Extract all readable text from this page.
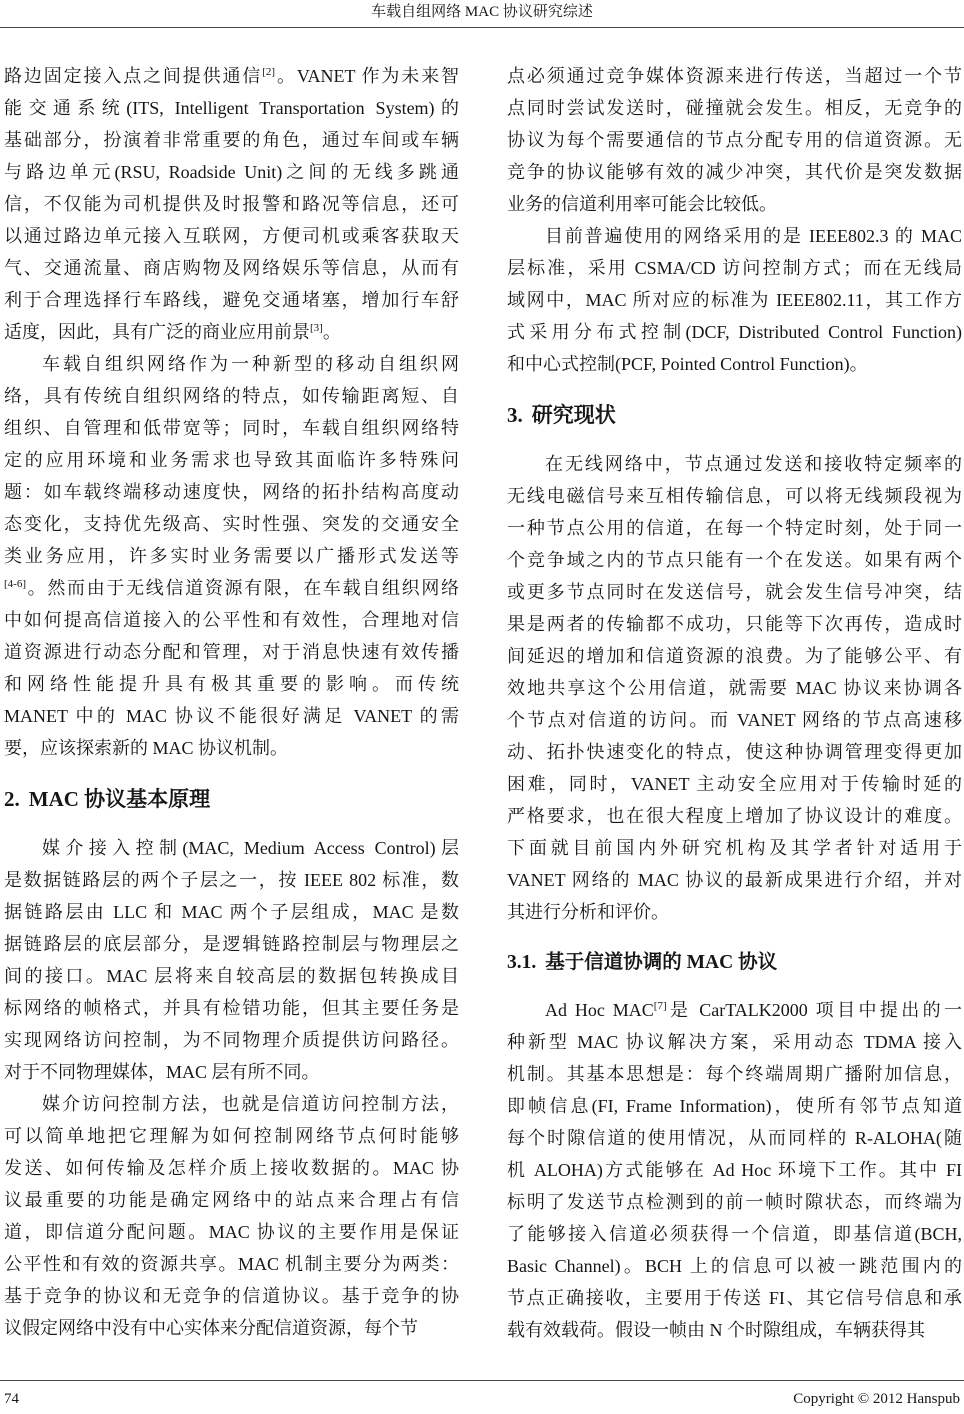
车载自组网络 MAC 协议研究综述
路边固定接入点之间提供通信[2]。VANET 作为未来智
能交通系统(ITS, Intelligent Transportation System)的
基础部分，扮演着非常重要的角色，通过车间或车辆
与路边单元(RSU, Roadside Unit)之间的无线多跳通
信，不仅能为司机提供及时报警和路况等信息，还可
以通过路边单元接入互联网，方便司机或乘客获取天
气、交通流量、商店购物及网络娱乐等信息，从而有
利于合理选择行车路线，避免交通堵塞，增加行车舒
适度，因此，具有广泛的商业应用前景[3]。
车载自组织网络作为一种新型的移动自组织网
络，具有传统自组织网络的特点，如传输距离短、自
组织、自管理和低带宽等；同时，车载自组织网络特
定的应用环境和业务需求也导致其面临许多特殊问
题：如车载终端移动速度快，网络的拓扑结构高度动
态变化，支持优先级高、实时性强、突发的交通安全
类业务应用，许多实时业务需要以广播形式发送等
[4-6]。然而由于无线信道资源有限，在车载自组织网络
中如何提高信道接入的公平性和有效性，合理地对信
道资源进行动态分配和管理，对于消息快速有效传播
和网络性能提升具有极其重要的影响。而传统
MANET 中的 MAC 协议不能很好满足 VANET 的需
要，应该探索新的 MAC 协议机制。
2. MAC 协议基本原理
媒介接入控制(MAC, Medium Access Control)层
是数据链路层的两个子层之一，按 IEEE 802 标准，数
据链路层由 LLC 和 MAC 两个子层组成，MAC 是数
据链路层的底层部分，是逻辑链路控制层与物理层之
间的接口。MAC 层将来自较高层的数据包转换成目
标网络的帧格式，并具有检错功能，但其主要任务是
实现网络访问控制，为不同物理介质提供访问路径。
对于不同物理媒体，MAC 层有所不同。
媒介访问控制方法，也就是信道访问控制方法，
可以简单地把它理解为如何控制网络节点何时能够
发送、如何传输及怎样介质上接收数据的。MAC 协
议最重要的功能是确定网络中的站点来合理占有信
道，即信道分配问题。MAC 协议的主要作用是保证
公平性和有效的资源共享。MAC 机制主要分为两类：
基于竞争的协议和无竞争的信道协议。基于竞争的协
议假定网络中没有中心实体来分配信道资源，每个节
点必须通过竞争媒体资源来进行传送，当超过一个节
点同时尝试发送时，碰撞就会发生。相反，无竞争的
协议为每个需要通信的节点分配专用的信道资源。无
竞争的协议能够有效的减少冲突，其代价是突发数据
业务的信道利用率可能会比较低。
目前普遍使用的网络采用的是 IEEE802.3 的 MAC
层标准，采用 CSMA/CD 访问控制方式；而在无线局
域网中，MAC 所对应的标准为 IEEE802.11，其工作方
式采用分布式控制(DCF, Distributed Control Function)
和中心式控制(PCF, Pointed Control Function)。
3. 研究现状
在无线网络中，节点通过发送和接收特定频率的
无线电磁信号来互相传输信息，可以将无线频段视为
一种节点公用的信道，在每一个特定时刻，处于同一
个竞争域之内的节点只能有一个在发送。如果有两个
或更多节点同时在发送信号，就会发生信号冲突，结
果是两者的传输都不成功，只能等下次再传，造成时
间延迟的增加和信道资源的浪费。为了能够公平、有
效地共享这个公用信道，就需要 MAC 协议来协调各
个节点对信道的访问。而 VANET 网络的节点高速移
动、拓扑快速变化的特点，使这种协调管理变得更加
困难，同时，VANET 主动安全应用对于传输时延的
严格要求，也在很大程度上增加了协议设计的难度。
下面就目前国内外研究机构及其学者针对适用于
VANET 网络的 MAC 协议的最新成果进行介绍，并对
其进行分析和评价。
3.1. 基于信道协调的 MAC 协议
Ad Hoc MAC[7]是 CarTALK2000 项目中提出的一
种新型 MAC 协议解决方案，采用动态 TDMA 接入
机制。其基本思想是：每个终端周期广播附加信息，
即帧信息(FI, Frame Information)，使所有邻节点知道
每个时隙信道的使用情况，从而同样的 R-ALOHA(随
机 ALOHA)方式能够在 Ad Hoc 环境下工作。其中 FI
标明了发送节点检测到的前一帧时隙状态，而终端为
了能够接入信道必须获得一个信道，即基信道(BCH,
Basic Channel)。BCH 上的信息可以被一跳范围内的
节点正确接收，主要用于传送 FI、其它信号信息和承
载有效载荷。假设一帧由 N 个时隙组成，车辆获得其
74	Copyright © 2012 Hanspub
